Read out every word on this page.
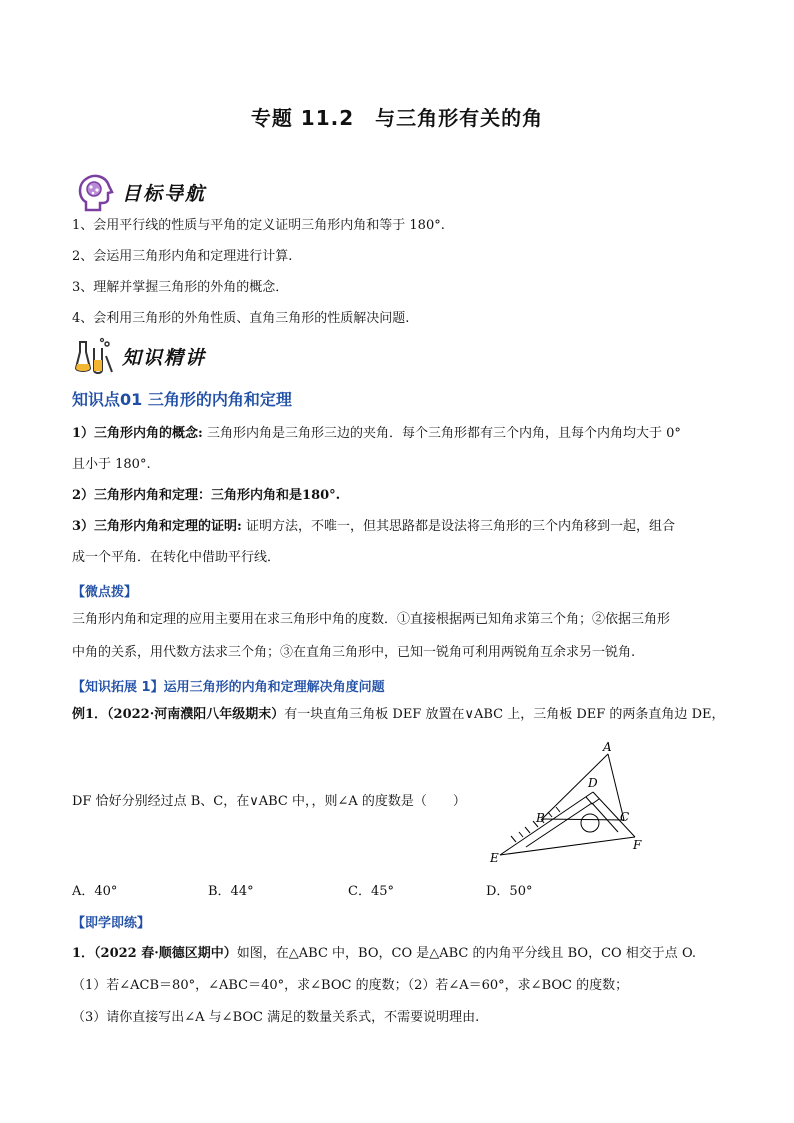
专题 11.2　与三角形有关的角
目标导航
1、会用平行线的性质与平角的定义证明三角形内角和等于 180°.
2、会运用三角形内角和定理进行计算.
3、理解并掌握三角形的外角的概念．
4、会利用三角形的外角性质、直角三角形的性质解决问题.
知识精讲
知识点01 三角形的内角和定理
1）三角形内角的概念: 三角形内角是三角形三边的夹角．每个三角形都有三个内角，且每个内角均大于 0°
且小于 180°.
2）三角形内角和定理：三角形内角和是180°.
3）三角形内角和定理的证明: 证明方法，不唯一，但其思路都是设法将三角形的三个内角移到一起，组合
成一个平角．在转化中借助平行线．
【微点拨】
三角形内角和定理的应用主要用在求三角形中角的度数．①直接根据两已知角求第三个角；②依据三角形
中角的关系，用代数方法求三个角；③在直角三角形中，已知一锐角可利用两锐角互余求另一锐角.
【知识拓展 1】运用三角形的内角和定理解决角度问题
例1．（2022·河南濮阳八年级期末）有一块直角三角板 DEF 放置在∨ABC 上，三角板 DEF 的两条直角边 DE，
DF 恰好分别经过点 B、C，在∨ABC 中，，则∠A 的度数是（　　）
A
D
B	C
E
F
A．40°	B．44°	C．45°	D．50°
【即学即练】
1．（2022 春·顺德区期中）如图，在△ABC 中，BO，CO 是△ABC 的内角平分线且 BO，CO 相交于点 O.
（1）若∠ACB＝80°，∠ABC＝40°，求∠BOC 的度数；（2）若∠A＝60°，求∠BOC 的度数；
（3）请你直接写出∠A 与∠BOC 满足的数量关系式，不需要说明理由.
